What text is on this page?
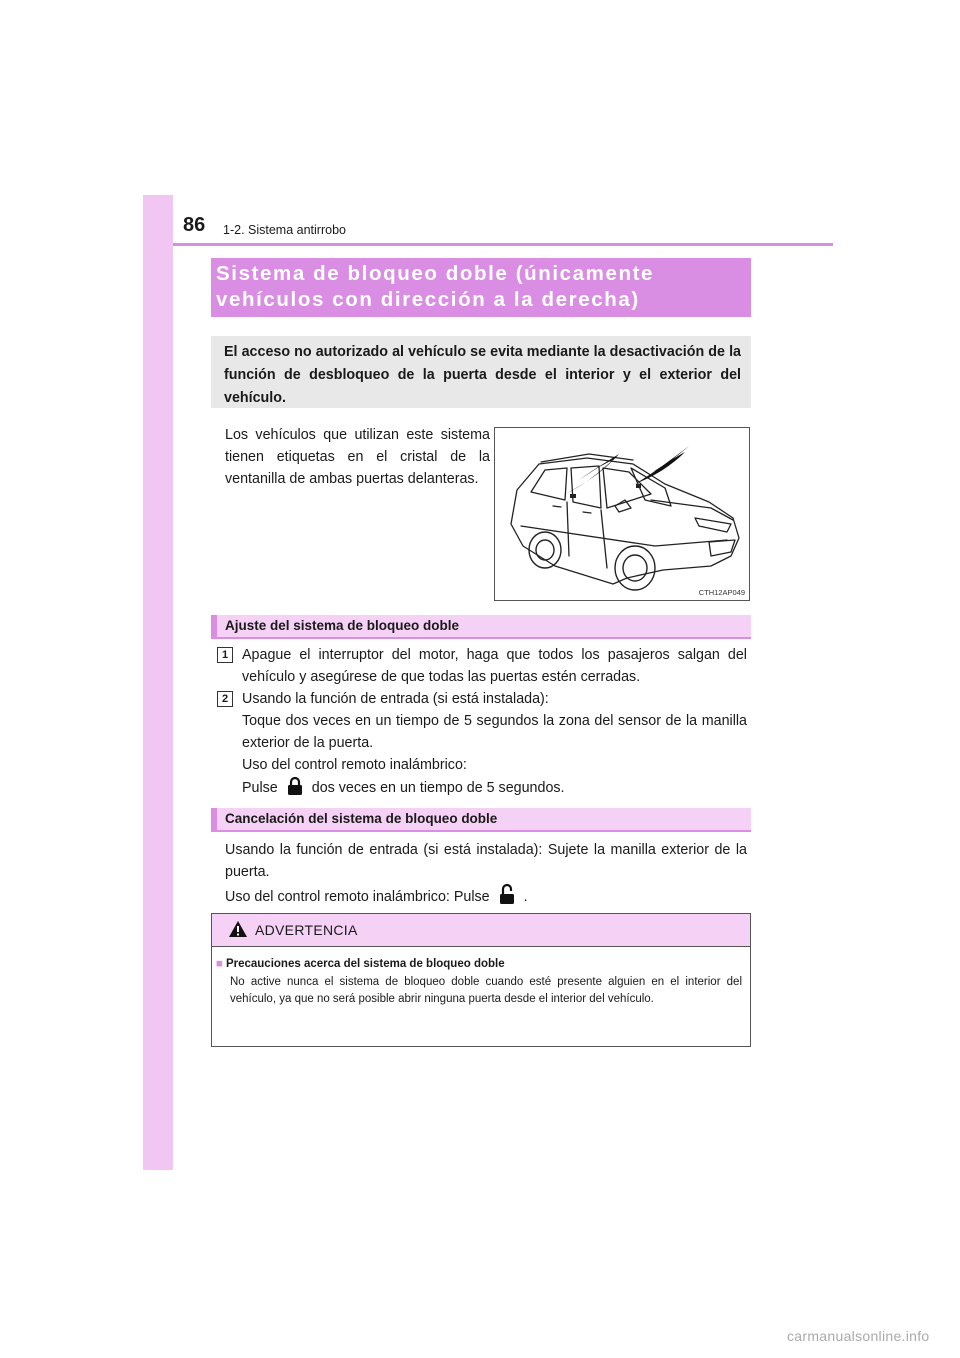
86 1-2. Sistema antirrobo
Sistema de bloqueo doble (únicamente
vehículos con dirección a la derecha)
El acceso no autorizado al vehículo se evita mediante la desactivación de la función de desbloqueo de la puerta desde el interior y el exterior del vehículo.
Los vehículos que utilizan este sistema tienen etiquetas en el cristal de la ventanilla de ambas puertas delanteras.
CTH12AP049
Ajuste del sistema de bloqueo doble
1 Apague el interruptor del motor, haga que todos los pasajeros salgan del vehículo y asegúrese de que todas las puertas estén cerradas.
2 Usando la función de entrada (si está instalada):
Toque dos veces en un tiempo de 5 segundos la zona del sensor de la manilla exterior de la puerta.
Uso del control remoto inalámbrico:
Pulse dos veces en un tiempo de 5 segundos.
Cancelación del sistema de bloqueo doble
Usando la función de entrada (si está instalada): Sujete la manilla exterior de la puerta.
Uso del control remoto inalámbrico: Pulse .
ADVERTENCIA
■ Precauciones acerca del sistema de bloqueo doble
No active nunca el sistema de bloqueo doble cuando esté presente alguien en el interior del vehículo, ya que no será posible abrir ninguna puerta desde el interior del vehículo.
carmanualsonline.info
